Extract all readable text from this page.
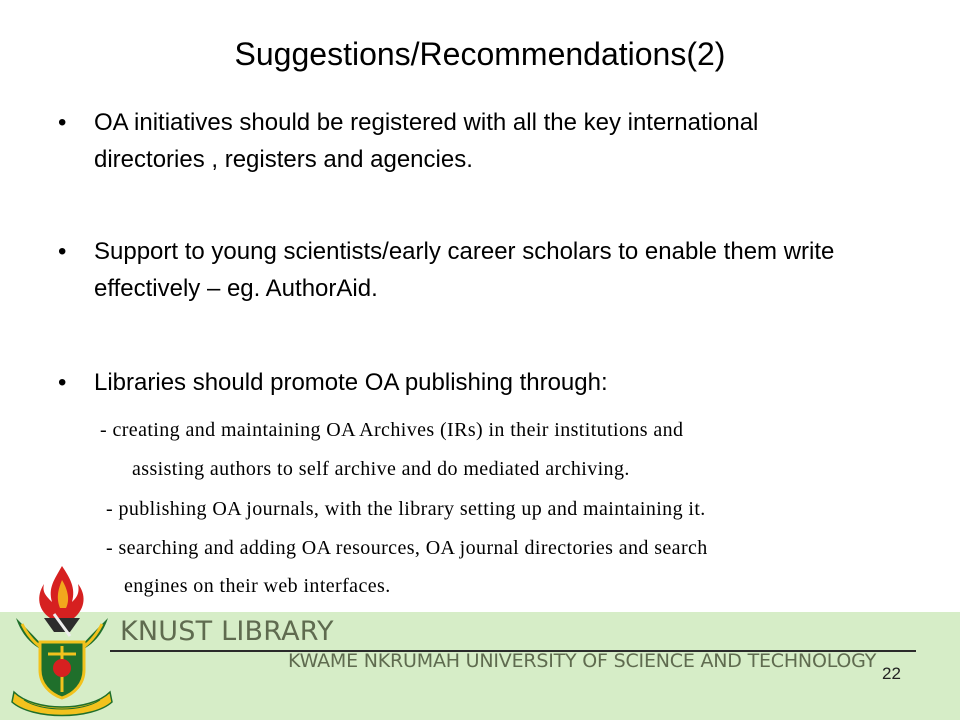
Suggestions/Recommendations(2)
• OA initiatives should be registered with all the key international directories , registers and agencies.
• Support to young scientists/early career scholars to enable them write effectively – eg. AuthorAid.
• Libraries should promote OA publishing through:
- creating and maintaining OA Archives (IRs) in their institutions and
assisting authors to self archive and do mediated archiving.
- publishing OA journals, with the library setting up and maintaining it.
- searching and adding OA resources, OA journal directories and search
engines on their web interfaces.
KNUST LIBRARY
KWAME NKRUMAH UNIVERSITY OF SCIENCE AND TECHNOLOGY
22
